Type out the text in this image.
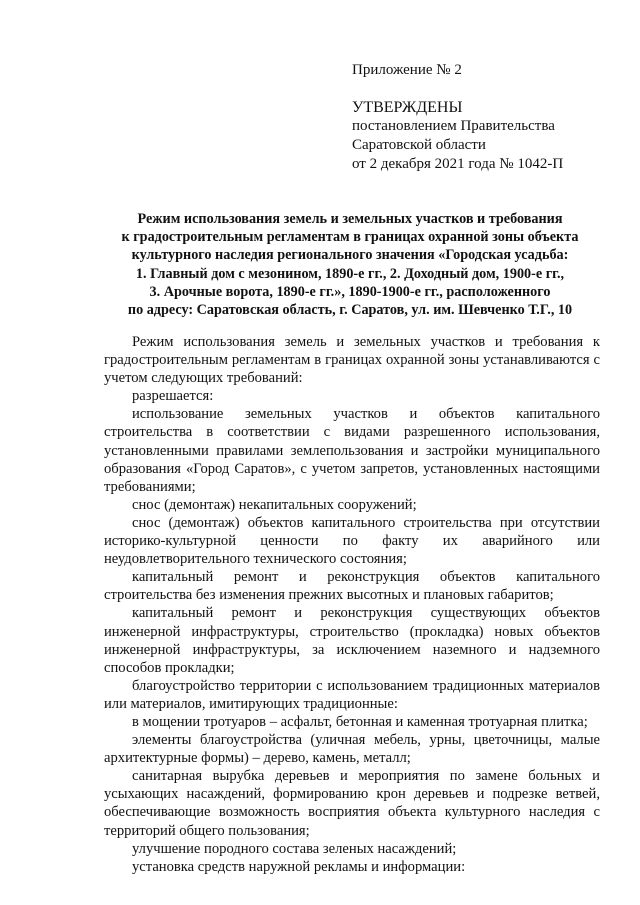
Приложение № 2
УТВЕРЖДЕНЫ
постановлением Правительства
Саратовской области
от 2 декабря 2021 года № 1042-П
Режим использования земель и земельных участков и требования
к градостроительным регламентам в границах охранной зоны объекта
культурного наследия регионального значения «Городская усадьба:
1. Главный дом с мезонином, 1890-е гг., 2. Доходный дом, 1900-е гг.,
3. Арочные ворота, 1890-е гг.», 1890-1900-е гг., расположенного
по адресу: Саратовская область, г. Саратов, ул. им. Шевченко Т.Г., 10

Режим использования земель и земельных участков и требования к градостроительным регламентам в границах охранной зоны устанавливаются с учетом следующих требований:

разрешается:

использование земельных участков и объектов капитального строительства в соответствии с видами разрешенного использования, установленными правилами землепользования и застройки муниципального образования «Город Саратов», с учетом запретов, установленных настоящими требованиями;

снос (демонтаж) некапитальных сооружений;

снос (демонтаж) объектов капитального строительства при отсутствии историко-культурной ценности по факту их аварийного или неудовлетворительного технического состояния;

капитальный ремонт и реконструкция объектов капитального строительства без изменения прежних высотных и плановых габаритов;

капитальный ремонт и реконструкция существующих объектов инженерной инфраструктуры, строительство (прокладка) новых объектов инженерной инфраструктуры, за исключением наземного и надземного способов прокладки;

благоустройство территории с использованием традиционных материалов или материалов, имитирующих традиционные:

в мощении тротуаров – асфальт, бетонная и каменная тротуарная плитка;

элементы благоустройства (уличная мебель, урны, цветочницы, малые архитектурные формы) – дерево, камень, металл;

санитарная вырубка деревьев и мероприятия по замене больных и усыхающих насаждений, формированию крон деревьев и подрезке ветвей, обеспечивающие возможность восприятия объекта культурного наследия с территорий общего пользования;

улучшение породного состава зеленых насаждений;

установка средств наружной рекламы и информации:
